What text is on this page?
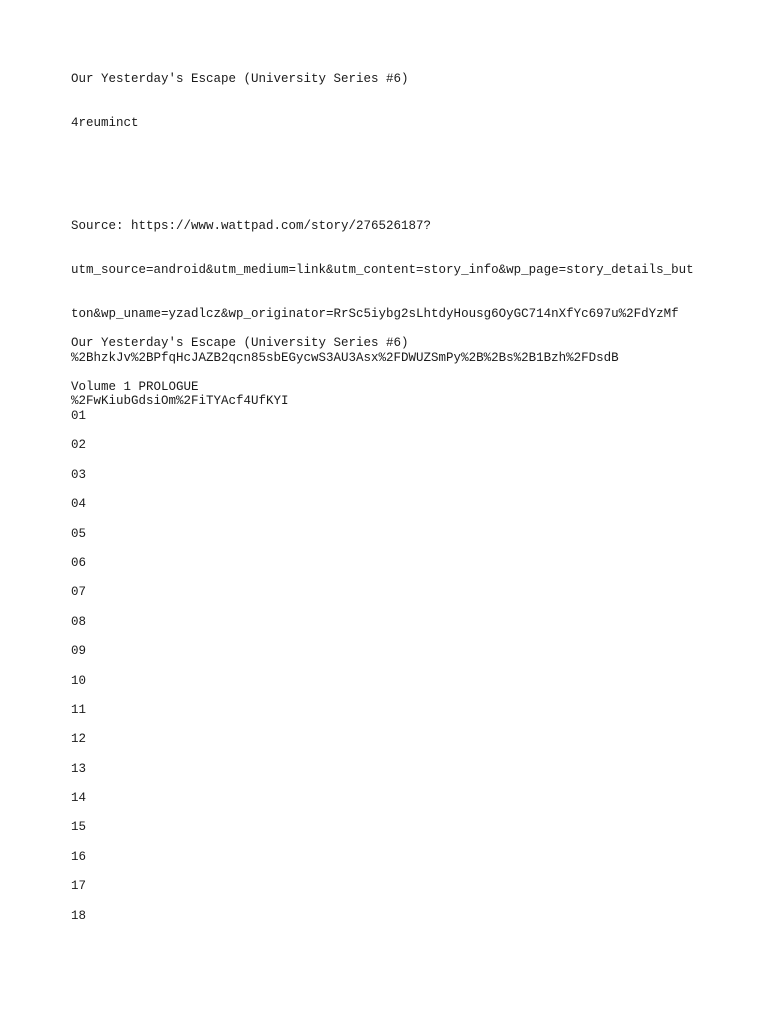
Our Yesterday's Escape (University Series #6)
4reuminct

Source: https://www.wattpad.com/story/276526187?

utm_source=android&utm_medium=link&utm_content=story_info&wp_page=story_details_but

ton&wp_uname=yzadlcz&wp_originator=RrSc5iybg2sLhtdyHousg6OyGC714nXfYc697u%2FdYzMf

%2BhzkJv%2BPfqHcJAZB2qcn85sbEGycwS3AU3Asx%2FDWUZSmPy%2B%2Bs%2B1Bzh%2FDsdB

%2FwKiubGdsiOm%2FiTYAcf4UfKYI

Our Yesterday's Escape (University Series #6)
Volume 1 PROLOGUE
01
02
03
04
05
06
07
08
09
10
11
12
13
14
15
16
17
18
